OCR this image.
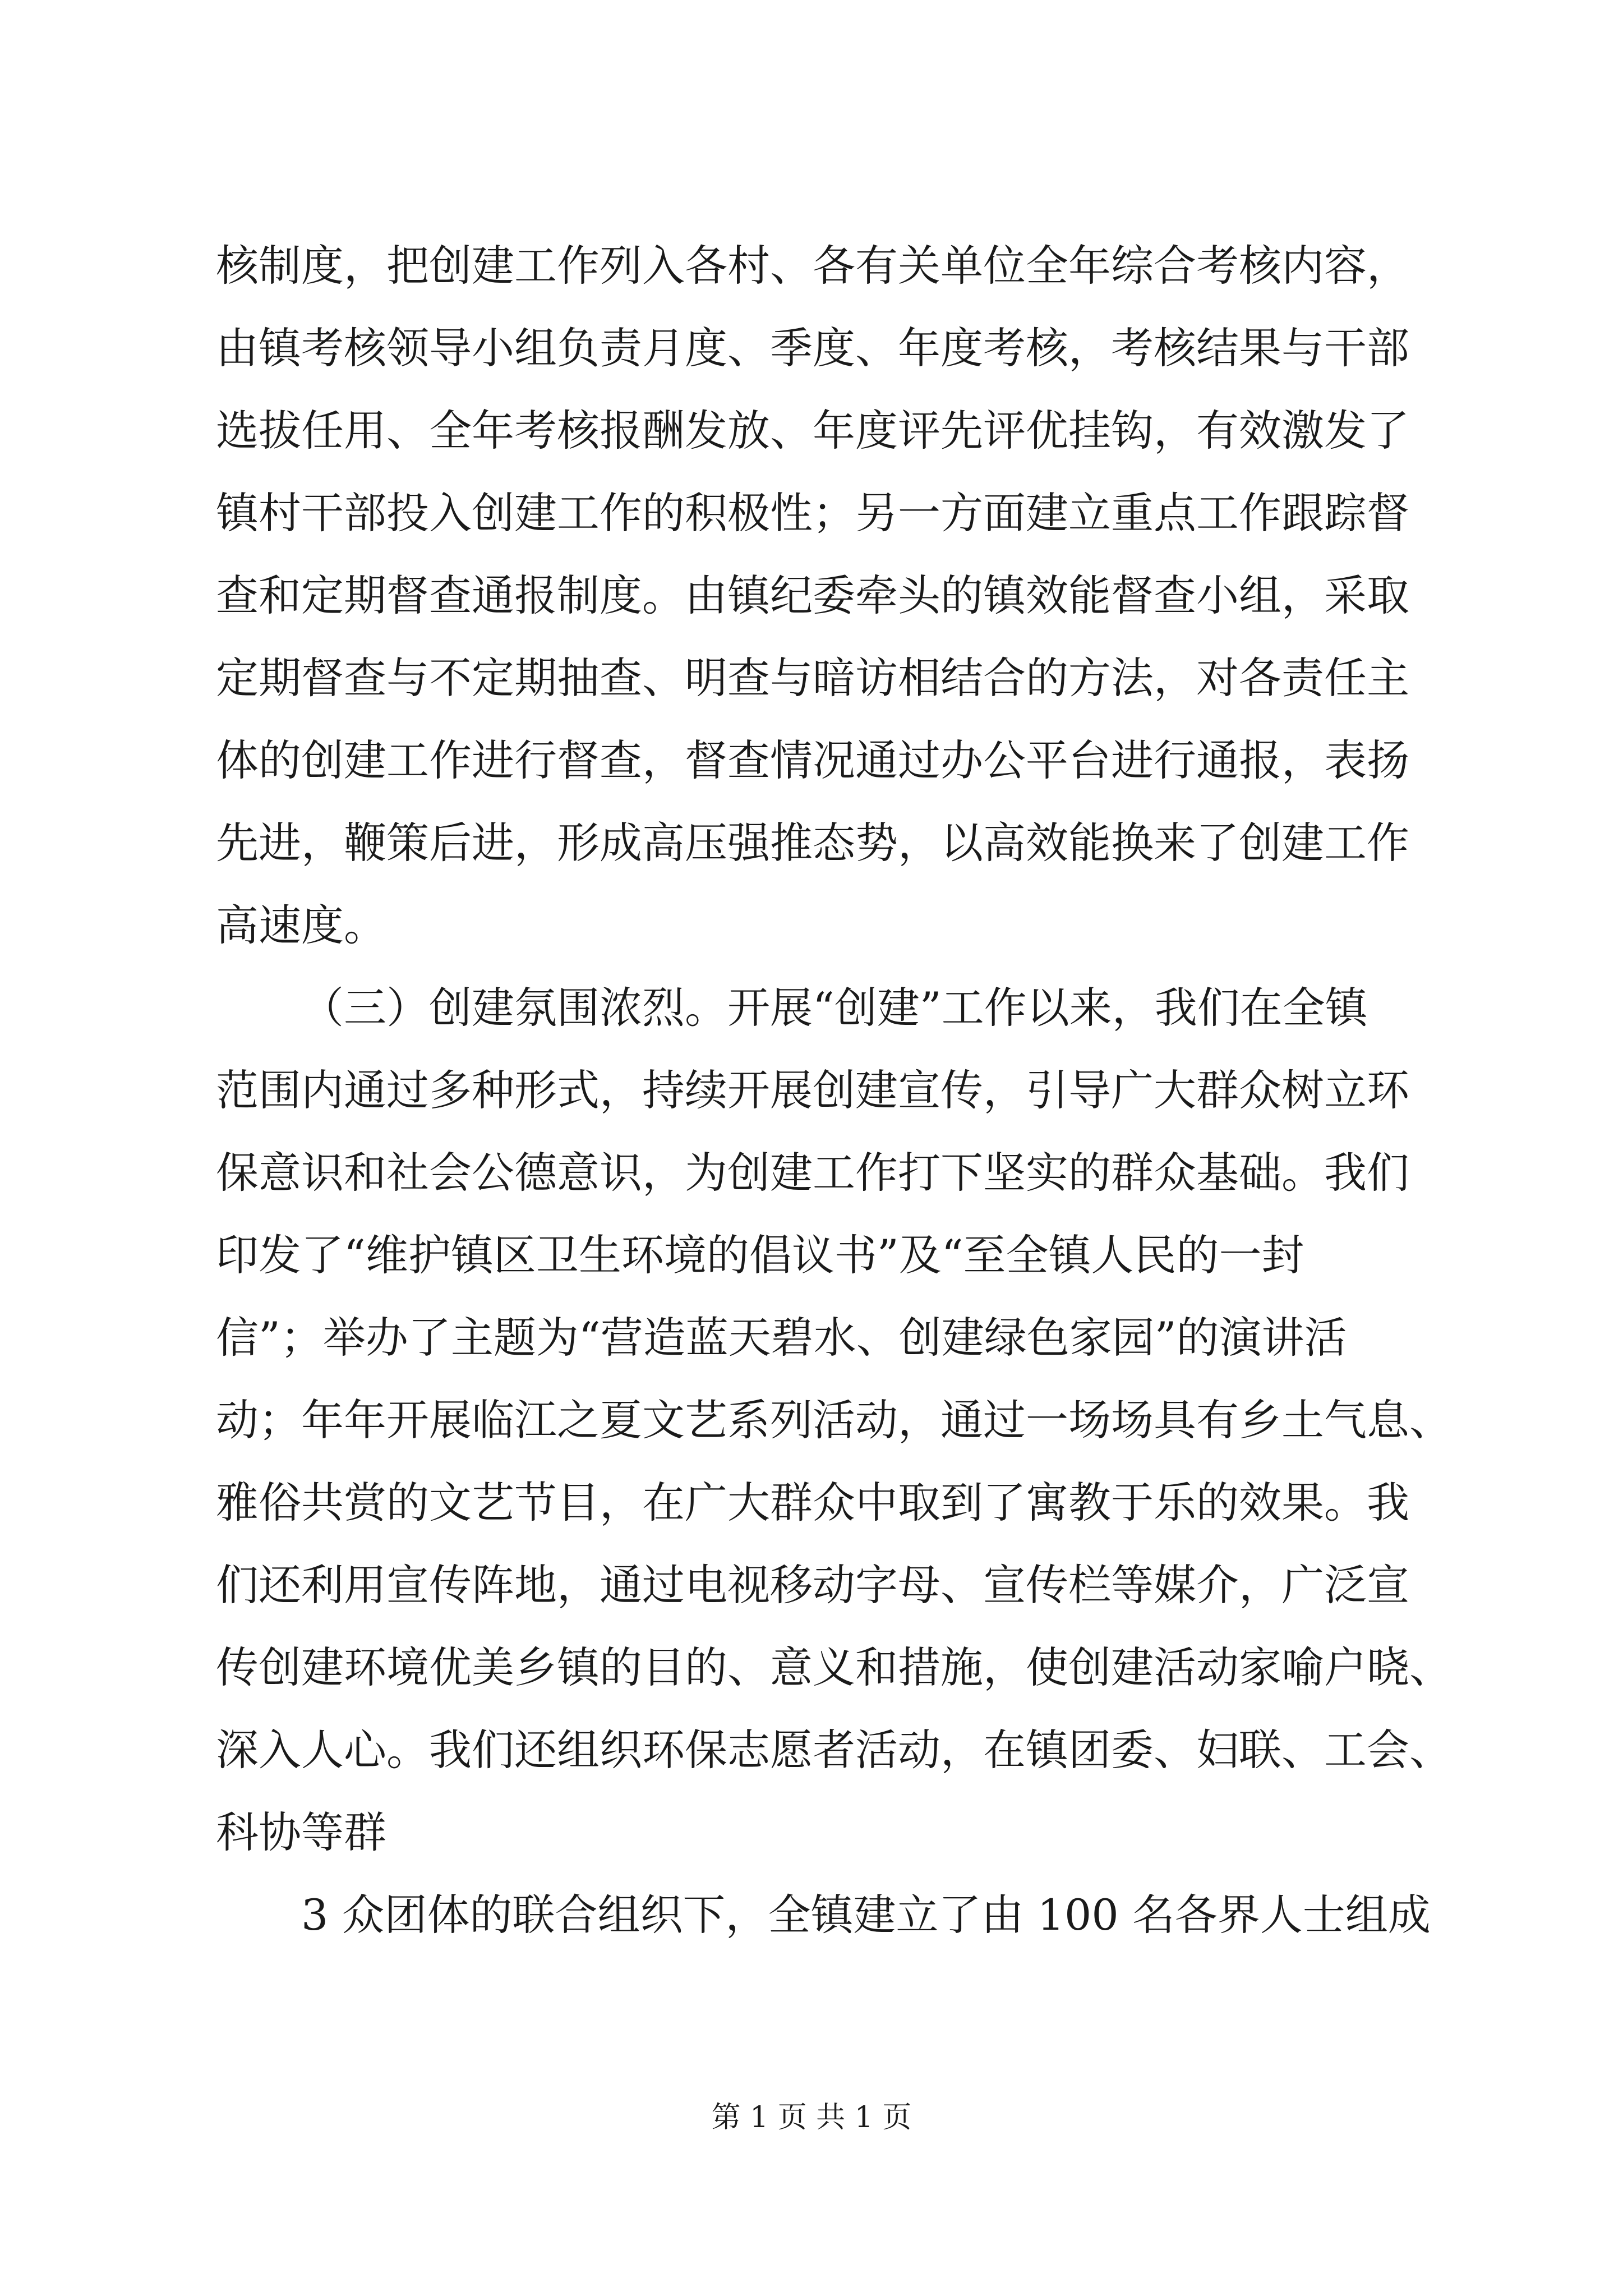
核制度，把创建工作列入各村、各有关单位全年综合考核内容，
由镇考核领导小组负责月度、季度、年度考核，考核结果与干部
选拔任用、全年考核报酬发放、年度评先评优挂钩，有效激发了
镇村干部投入创建工作的积极性；另一方面建立重点工作跟踪督
查和定期督查通报制度。由镇纪委牵头的镇效能督查小组，采取
定期督查与不定期抽查、明查与暗访相结合的方法，对各责任主
体的创建工作进行督查，督查情况通过办公平台进行通报，表扬
先进，鞭策后进，形成高压强推态势，以高效能换来了创建工作
高速度。
（三）创建氛围浓烈。开展“创建”工作以来，我们在全镇
范围内通过多种形式，持续开展创建宣传，引导广大群众树立环
保意识和社会公德意识，为创建工作打下坚实的群众基础。我们
印发了“维护镇区卫生环境的倡议书”及“至全镇人民的一封
信”；举办了主题为“营造蓝天碧水、创建绿色家园”的演讲活
动；年年开展临江之夏文艺系列活动，通过一场场具有乡土气息、
雅俗共赏的文艺节目，在广大群众中取到了寓教于乐的效果。我
们还利用宣传阵地，通过电视移动字母、宣传栏等媒介，广泛宣
传创建环境优美乡镇的目的、意义和措施，使创建活动家喻户晓、
深入人心。我们还组织环保志愿者活动，在镇团委、妇联、工会、
科协等群
3 众团体的联合组织下，全镇建立了由 100 名各界人士组成
第 1 页 共 1 页
